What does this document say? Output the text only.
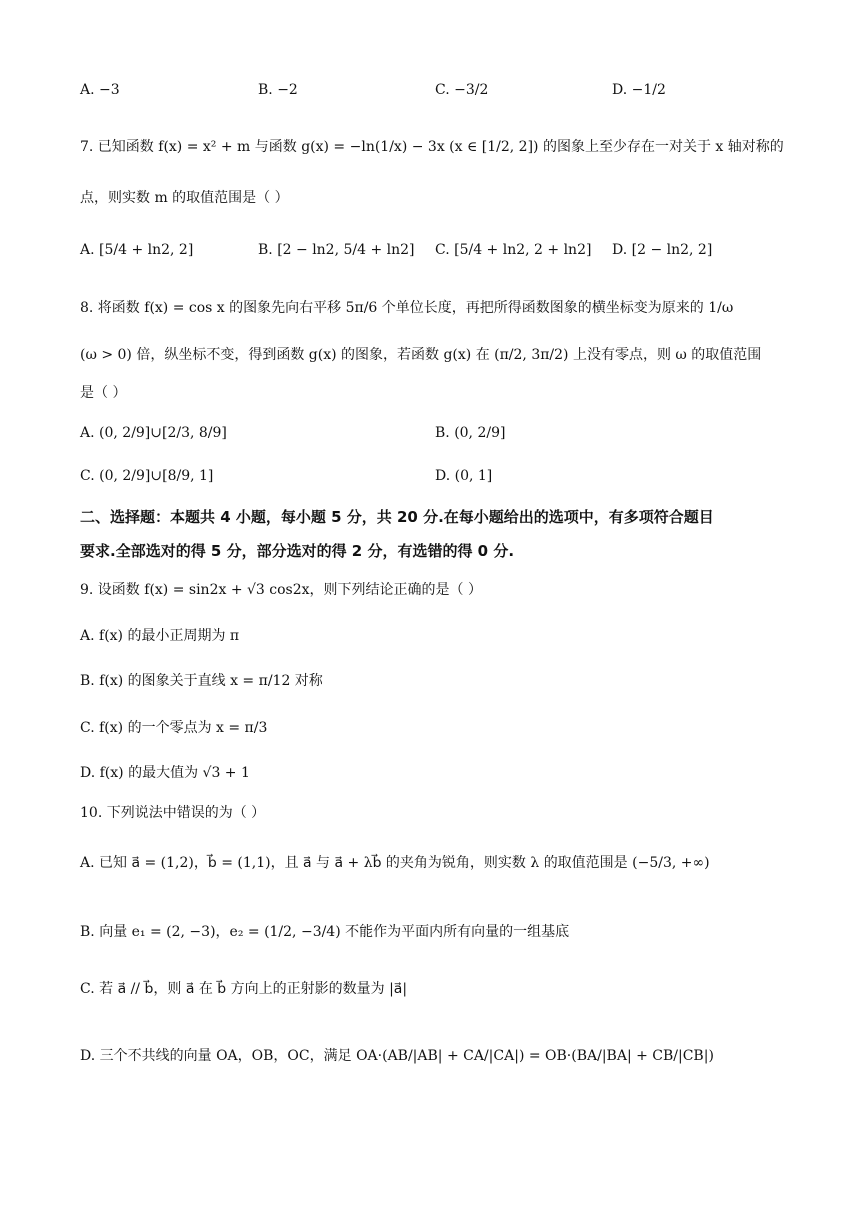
A. −3	B. −2	C. −3/2	D. −1/2
7. 已知函数 f(x) = x² + m 与函数 g(x) = −ln(1/x) − 3x (x ∈ [1/2, 2]) 的图象上至少存在一对关于 x 轴对称的
点，则实数 m 的取值范围是（ ）
A. [5/4 + ln2, 2]	B. [2 − ln2, 5/4 + ln2] C. [5/4 + ln2, 2 + ln2] D. [2 − ln2, 2]
8. 将函数 f(x) = cos x 的图象先向右平移 5π/6 个单位长度，再把所得函数图象的横坐标变为原来的 1/ω
(ω > 0) 倍，纵坐标不变，得到函数 g(x) 的图象，若函数 g(x) 在 (π/2, 3π/2) 上没有零点，则 ω 的取值范围
是（ ）
A. (0, 2/9]∪[2/3, 8/9]	B. (0, 2/9]
C. (0, 2/9]∪[8/9, 1]	D. (0, 1]
二、选择题：本题共 4 小题，每小题 5 分，共 20 分.在每小题给出的选项中，有多项符合题目
要求.全部选对的得 5 分，部分选对的得 2 分，有选错的得 0 分.
9. 设函数 f(x) = sin2x + √3 cos2x，则下列结论正确的是（ ）
A. f(x) 的最小正周期为 π
B. f(x) 的图象关于直线 x = π/12 对称
C. f(x) 的一个零点为 x = π/3
D. f(x) 的最大值为 √3 + 1
10. 下列说法中错误的为（ ）
A. 已知 a⃗ = (1,2)，b⃗ = (1,1)，且 a⃗ 与 a⃗ + λb⃗ 的夹角为锐角，则实数 λ 的取值范围是 (−5/3, +∞)
B. 向量 e₁ = (2, −3)，e₂ = (1/2, −3/4) 不能作为平面内所有向量的一组基底
C. 若 a⃗ // b⃗，则 a⃗ 在 b⃗ 方向上的正射影的数量为 |a⃗|
D. 三个不共线的向量 OA，OB，OC，满足 OA·(AB/|AB| + CA/|CA|) = OB·(BA/|BA| + CB/|CB|)
